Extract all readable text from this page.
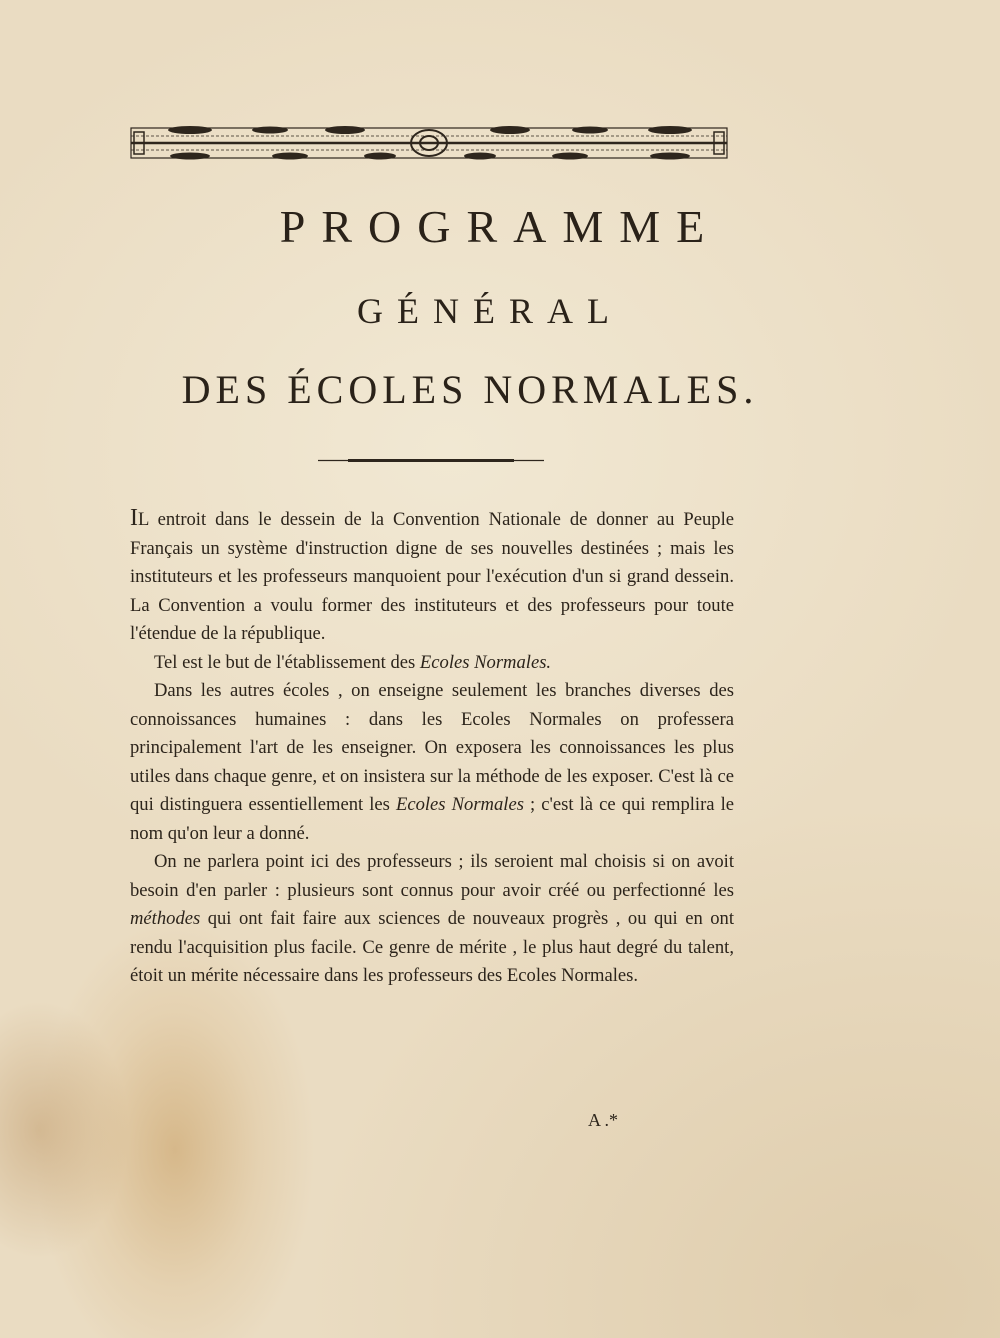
PROGRAMME
GÉNÉRAL
DES ÉCOLES NORMALES.

IL entroit dans le dessein de la Convention Nationale de donner au Peuple Français un système d'instruction digne de ses nouvelles destinées ; mais les instituteurs et les professeurs manquoient pour l'exécution d'un si grand dessein. La Convention a voulu former des instituteurs et des professeurs pour toute l'étendue de la république.

Tel est le but de l'établissement des Ecoles Normales.

Dans les autres écoles , on enseigne seulement les branches diverses des connoissances humaines : dans les Ecoles Normales on professera principalement l'art de les enseigner. On exposera les connoissances les plus utiles dans chaque genre, et on insistera sur la méthode de les exposer. C'est là ce qui distinguera essentiellement les Ecoles Normales ; c'est là ce qui remplira le nom qu'on leur a donné.

On ne parlera point ici des professeurs ; ils seroient mal choisis si on avoit besoin d'en parler : plusieurs sont connus pour avoir créé ou perfectionné les méthodes qui ont fait faire aux sciences de nouveaux progrès , ou qui en ont rendu l'acquisition plus facile. Ce genre de mérite , le plus haut degré du talent, étoit un mérite nécessaire dans les professeurs des Ecoles Normales.

A .*
